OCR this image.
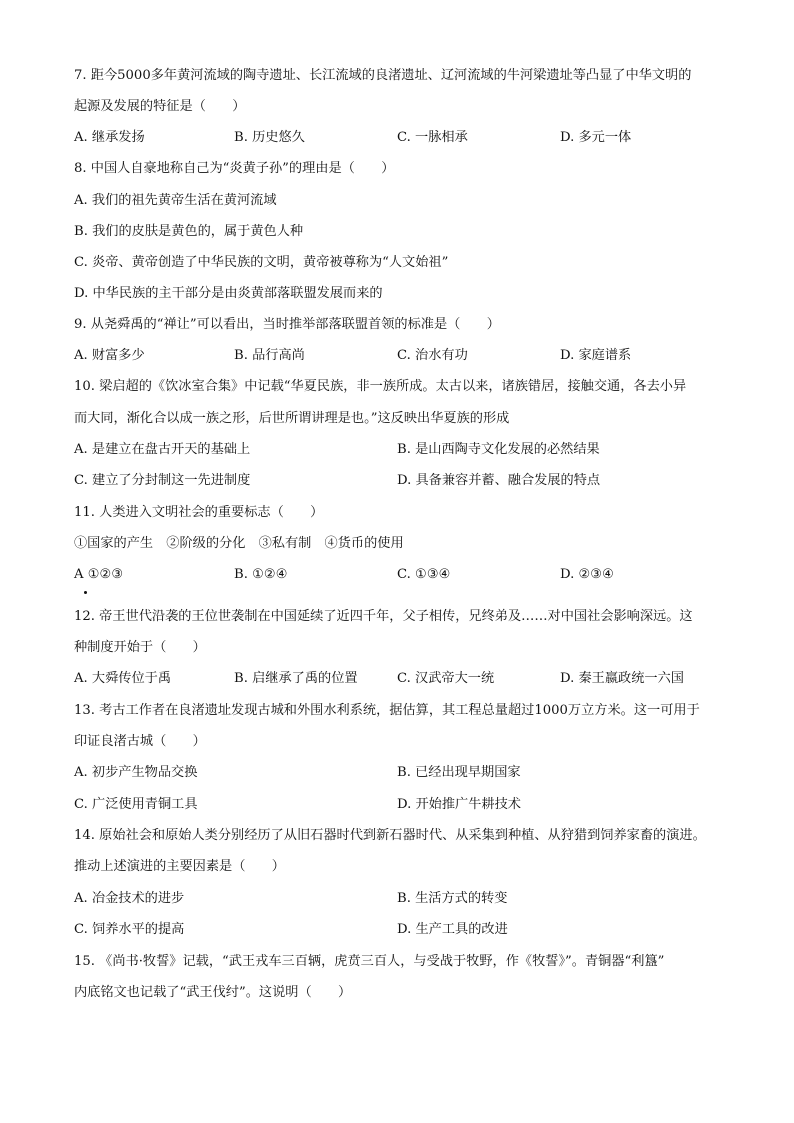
7. 距今5000多年黄河流域的陶寺遗址、长江流域的良渚遗址、辽河流域的牛河梁遗址等凸显了中华文明的
起源及发展的特征是（　　）
A. 继承发扬	B. 历史悠久	C. 一脉相承	D. 多元一体
8. 中国人自豪地称自己为“炎黄子孙”的理由是（　　）
A. 我们的祖先黄帝生活在黄河流域
B. 我们的皮肤是黄色的，属于黄色人种
C. 炎帝、黄帝创造了中华民族的文明，黄帝被尊称为“人文始祖”
D. 中华民族的主干部分是由炎黄部落联盟发展而来的
9. 从尧舜禹的“禅让”可以看出，当时推举部落联盟首领的标准是（　　）
A. 财富多少	B. 品行高尚	C. 治水有功	D. 家庭谱系
10. 梁启超的《饮冰室合集》中记载“华夏民族，非一族所成。太古以来，诸族错居，接触交通，各去小异
而大同，渐化合以成一族之形，后世所谓讲理是也。”这反映出华夏族的形成
A. 是建立在盘古开天的基础上	B. 是山西陶寺文化发展的必然结果
C. 建立了分封制这一先进制度	D. 具备兼容并蓄、融合发展的特点
11. 人类进入文明社会的重要标志（　　）
①国家的产生　②阶级的分化　③私有制　④货币的使用
A ①②③	B. ①②④	C. ①③④	D. ②③④
12. 帝王世代沿袭的王位世袭制在中国延续了近四千年，父子相传，兄终弟及……对中国社会影响深远。这
种制度开始于（　　）
A. 大舜传位于禹	B. 启继承了禹的位置	C. 汉武帝大一统	D. 秦王嬴政统一六国
13. 考古工作者在良渚遗址发现古城和外围水利系统，据估算，其工程总量超过1000万立方米。这一可用于
印证良渚古城（　　）
A. 初步产生物品交换	B. 已经出现早期国家
C. 广泛使用青铜工具	D. 开始推广牛耕技术
14. 原始社会和原始人类分别经历了从旧石器时代到新石器时代、从采集到种植、从狩猎到饲养家畜的演进。
推动上述演进的主要因素是（　　）
A. 冶金技术的进步	B. 生活方式的转变
C. 饲养水平的提高	D. 生产工具的改进
15. 《尚书·牧誓》记载，“武王戎车三百辆，虎贲三百人，与受战于牧野，作《牧誓》”。青铜器“利簋”
内底铭文也记载了“武王伐纣”。这说明（　　）
